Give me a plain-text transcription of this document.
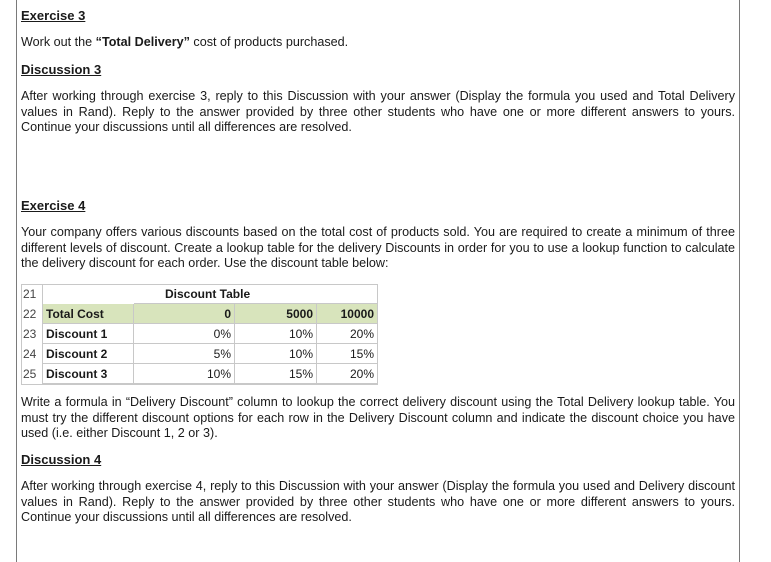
Exercise 3
Work out the “Total Delivery” cost of products purchased.
Discussion 3
After working through exercise 3, reply to this Discussion with your answer (Display the formula you used and Total Delivery values in Rand). Reply to the answer provided by three other students who have one or more different answers to yours. Continue your discussions until all differences are resolved.
Exercise 4
Your company offers various discounts based on the total cost of products sold. You are required to create a minimum of three different levels of discount. Create a lookup table for the delivery Discounts in order for you to use a lookup function to calculate the delivery discount for each order. Use the discount table below:
21	Discount Table
22 Total Cost	0	5000	10000
23 Discount 1	0%	10%	20%
24 Discount 2	5%	10%	15%
25 Discount 3	10%	15%	20%
Write a formula in “Delivery Discount” column to lookup the correct delivery discount using the Total Delivery lookup table. You must try the different discount options for each row in the Delivery Discount column and indicate the discount choice you have used (i.e. either Discount 1, 2 or 3).
Discussion 4
After working through exercise 4, reply to this Discussion with your answer (Display the formula you used and Delivery discount values in Rand). Reply to the answer provided by three other students who have one or more different answers to yours. Continue your discussions until all differences are resolved.
